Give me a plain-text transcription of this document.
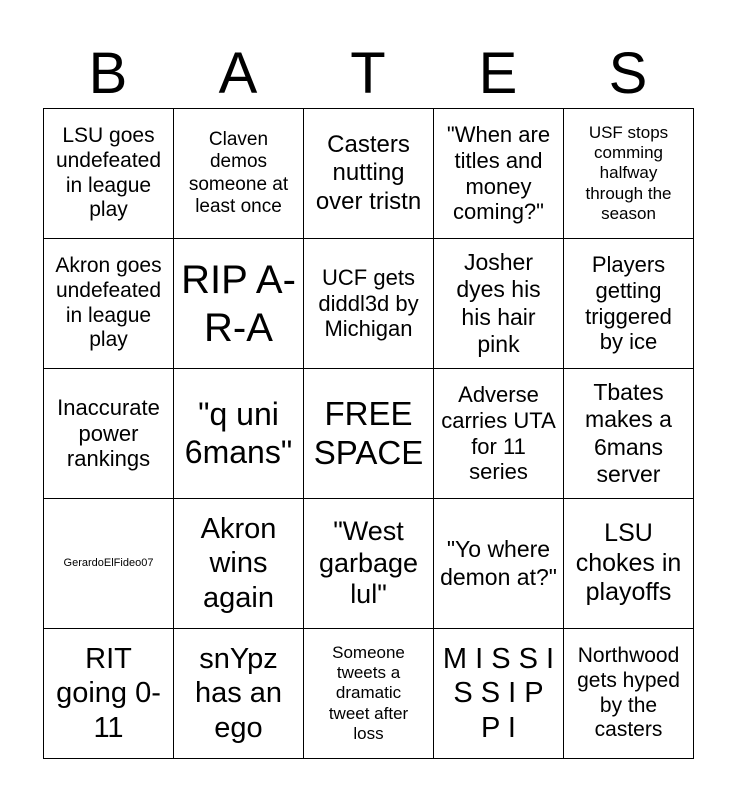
B	A	T	E	S
LSU goes undefeated in league play	Claven demos someone at least once	Casters nutting over tristn	"When are titles and money coming?"	USF stops comming halfway through the season
Akron goes undefeated in league play	RIP A-R-A	UCF gets diddl3d by Michigan	Josher dyes his his hair pink	Players getting triggered by ice
Inaccurate power rankings	"q uni 6mans"	FREE SPACE	Adverse carries UTA for 11 series	Tbates makes a 6mans server
GerardoElFideo07	Akron wins again	"West garbage lul"	"Yo where demon at?"	LSU chokes in playoffs
RIT going 0-11	snYpz has an ego	Someone tweets a dramatic tweet after loss	M I S S I S S I P P I	Northwood gets hyped by the casters
